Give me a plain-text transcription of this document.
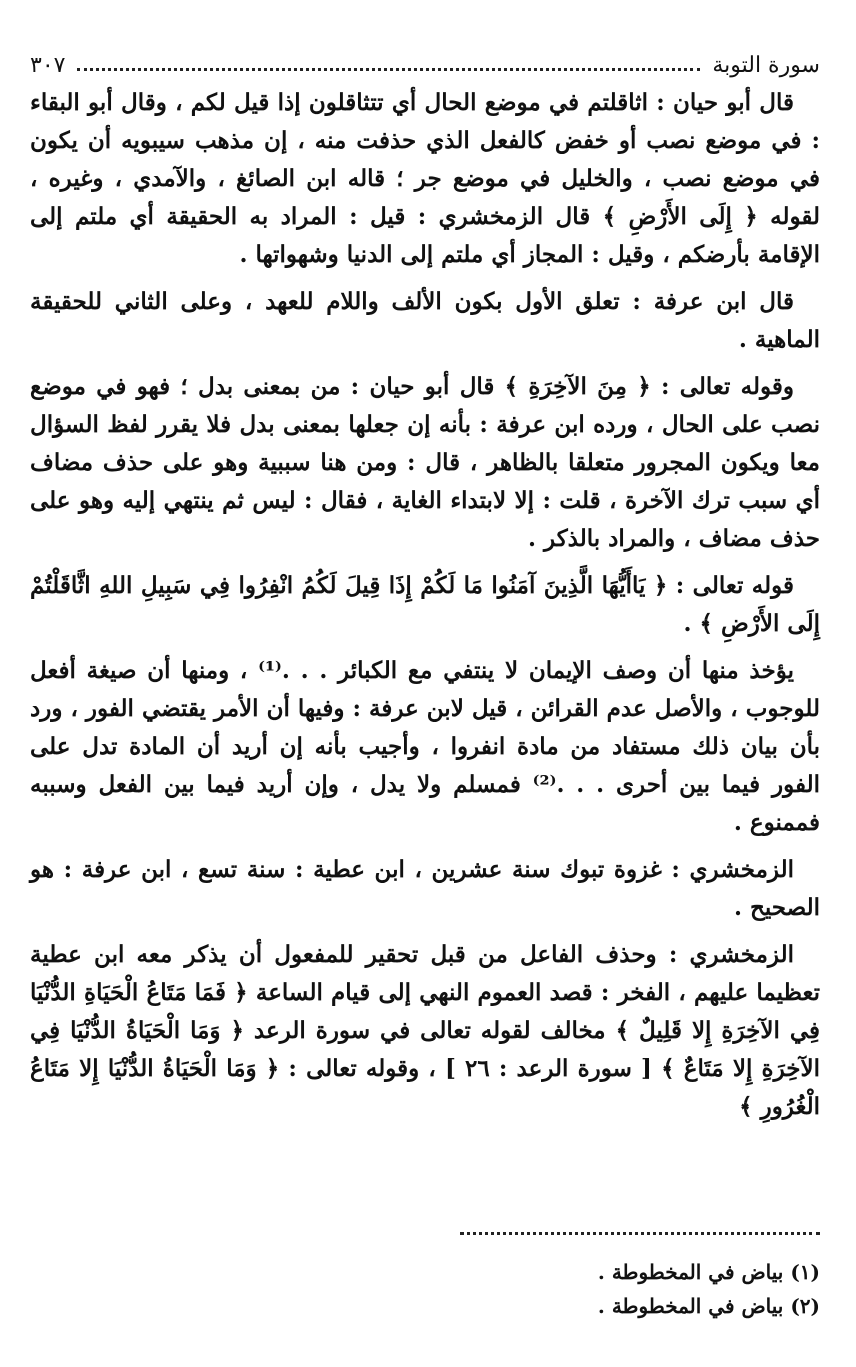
سورة التوبة
٣٠٧

قال أبو حيان : اثاقلتم في موضع الحال أي تتثاقلون إذا قيل لكم ، وقال أبو البقاء : في موضع نصب أو خفض كالفعل الذي حذفت منه ، إن مذهب سيبويه أن يكون في موضع نصب ، والخليل في موضع جر ؛ قاله ابن الصائغ ، والآمدي ، وغيره ، لقوله ﴿ إِلَى الأَرْضِ ﴾ قال الزمخشري : قيل : المراد به الحقيقة أي ملتم إلى الإقامة بأرضكم ، وقيل : المجاز أي ملتم إلى الدنيا وشهواتها .

قال ابن عرفة : تعلق الأول بكون الألف واللام للعهد ، وعلى الثاني للحقيقة الماهية .

وقوله تعالى : ﴿ مِنَ الآخِرَةِ ﴾ قال أبو حيان : من بمعنى بدل ؛ فهو في موضع نصب على الحال ، ورده ابن عرفة : بأنه إن جعلها بمعنى بدل فلا يقرر لفظ السؤال معا ويكون المجرور متعلقا بالظاهر ، قال : ومن هنا سببية وهو على حذف مضاف أي سبب ترك الآخرة ، قلت : إلا لابتداء الغاية ، فقال : ليس ثم ينتهي إليه وهو على حذف مضاف ، والمراد بالذكر .

قوله تعالى : ﴿ يَاأَيُّهَا الَّذِينَ آمَنُوا مَا لَكُمْ إِذَا قِيلَ لَكُمُ انْفِرُوا فِي سَبِيلِ اللهِ اثَّاقَلْتُمْ إِلَى الأَرْضِ ﴾ .

يؤخذ منها أن وصف الإيمان لا ينتفي مع الكبائر . . .⁽¹⁾ ، ومنها أن صيغة أفعل للوجوب ، والأصل عدم القرائن ، قيل لابن عرفة : وفيها أن الأمر يقتضي الفور ، ورد بأن بيان ذلك مستفاد من مادة انفروا ، وأجيب بأنه إن أريد أن المادة تدل على الفور فيما بين أحرى . . .⁽²⁾ فمسلم ولا يدل ، وإن أريد فيما بين الفعل وسببه فممنوع .

الزمخشري : غزوة تبوك سنة عشرين ، ابن عطية : سنة تسع ، ابن عرفة : هو الصحيح .

الزمخشري : وحذف الفاعل من قبل تحقير للمفعول أن يذكر معه ابن عطية تعظيما عليهم ، الفخر : قصد العموم النهي إلى قيام الساعة ﴿ فَمَا مَتَاعُ الْحَيَاةِ الدُّنْيَا فِي الآخِرَةِ إِلا قَلِيلٌ ﴾ مخالف لقوله تعالى في سورة الرعد ﴿ وَمَا الْحَيَاةُ الدُّنْيَا فِي الآخِرَةِ إِلا مَتَاعٌ ﴾ [ سورة الرعد : ٢٦ ] ، وقوله تعالى : ﴿ وَمَا الْحَيَاةُ الدُّنْيَا إِلا مَتَاعُ الْغُرُورِ ﴾

(١) بياض في المخطوطة .
(٢) بياض في المخطوطة .
